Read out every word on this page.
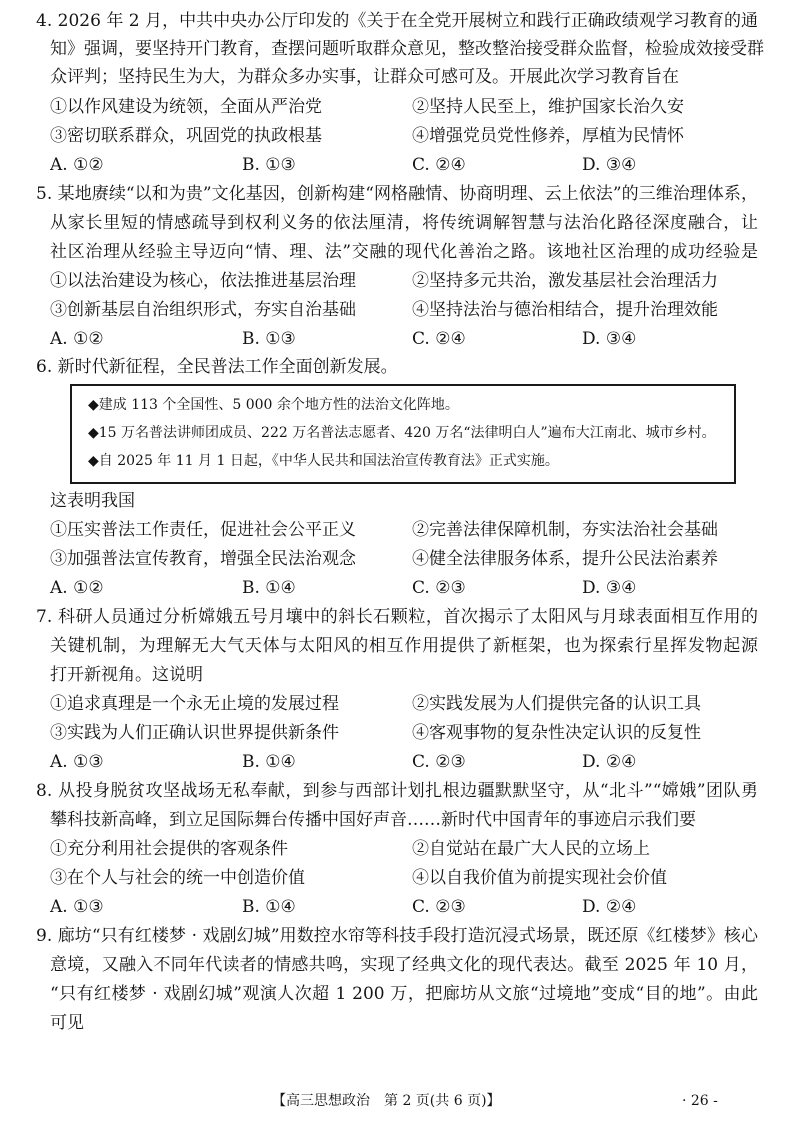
4. 2026 年 2 月，中共中央办公厅印发的《关于在全党开展树立和践行正确政绩观学习教育的通
知》强调，要坚持开门教育，查摆问题听取群众意见，整改整治接受群众监督，检验成效接受群
众评判；坚持民生为大，为群众多办实事，让群众可感可及。开展此次学习教育旨在
①以作风建设为统领，全面从严治党	②坚持人民至上，维护国家长治久安
③密切联系群众，巩固党的执政根基	④增强党员党性修养，厚植为民情怀
A. ①②	B. ①③	C. ②④	D. ③④
5. 某地赓续“以和为贵”文化基因，创新构建“网格融情、协商明理、云上依法”的三维治理体系，
从家长里短的情感疏导到权利义务的依法厘清，将传统调解智慧与法治化路径深度融合，让
社区治理从经验主导迈向“情、理、法”交融的现代化善治之路。该地社区治理的成功经验是
①以法治建设为核心，依法推进基层治理	②坚持多元共治，激发基层社会治理活力
③创新基层自治组织形式，夯实自治基础	④坚持法治与德治相结合，提升治理效能
A. ①②	B. ①③	C. ②④	D. ③④
6. 新时代新征程，全民普法工作全面创新发展。
◆建成 113 个全国性、5 000 余个地方性的法治文化阵地。
◆15 万名普法讲师团成员、222 万名普法志愿者、420 万名“法律明白人”遍布大江南北、城市乡村。
◆自 2025 年 11 月 1 日起，《中华人民共和国法治宣传教育法》正式实施。
这表明我国
①压实普法工作责任，促进社会公平正义	②完善法律保障机制，夯实法治社会基础
③加强普法宣传教育，增强全民法治观念	④健全法律服务体系，提升公民法治素养
A. ①②	B. ①④	C. ②③	D. ③④
7. 科研人员通过分析嫦娥五号月壤中的斜长石颗粒，首次揭示了太阳风与月球表面相互作用的
关键机制，为理解无大气天体与太阳风的相互作用提供了新框架，也为探索行星挥发物起源
打开新视角。这说明
①追求真理是一个永无止境的发展过程	②实践发展为人们提供完备的认识工具
③实践为人们正确认识世界提供新条件	④客观事物的复杂性决定认识的反复性
A. ①③	B. ①④	C. ②③	D. ②④
8. 从投身脱贫攻坚战场无私奉献，到参与西部计划扎根边疆默默坚守，从“北斗”“嫦娥”团队勇
攀科技新高峰，到立足国际舞台传播中国好声音……新时代中国青年的事迹启示我们要
①充分利用社会提供的客观条件	②自觉站在最广大人民的立场上
③在个人与社会的统一中创造价值	④以自我价值为前提实现社会价值
A. ①③	B. ①④	C. ②③	D. ②④
9. 廊坊“只有红楼梦 · 戏剧幻城”用数控水帘等科技手段打造沉浸式场景，既还原《红楼梦》核心
意境，又融入不同年代读者的情感共鸣，实现了经典文化的现代表达。截至 2025 年 10 月，
“只有红楼梦 · 戏剧幻城”观演人次超 1 200 万，把廊坊从文旅“过境地”变成“目的地”。由此
可见
【高三思想政治　第 2 页(共 6 页)】	· 26 -
